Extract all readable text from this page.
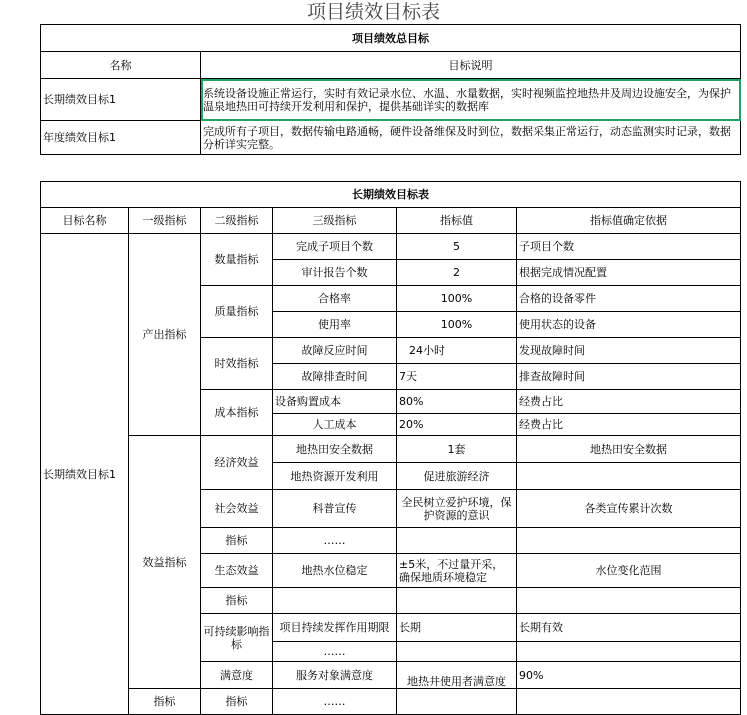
项目绩效目标表
项目绩效总目标	
名称	目标说明
长期绩效目标1	系统设备设施正常运行，实时有效记录水位、水温、水量数据，实时视频监控地热井及周边设施安全，为保护温泉地热田可持续开发利用和保护，提供基础详实的数据库
年度绩效目标1	完成所有子项目，数据传输电路通畅，硬件设备维保及时到位，数据采集正常运行，动态监测实时记录，数据分析详实完整。
长期绩效目标表						
目标名称	一级指标	二级指标	三级指标	指标值	指标值确定依据	
长期绩效目标1	产出指标	数量指标	完成子项目个数	5	子项目个数	
			审计报告个数	2	根据完成情况配置	
		质量指标	合格率	100%	合格的设备零件	
			使用率	100%	使用状态的设备	
		时效指标	故障反应时间	24小时	发现故障时间	
			故障排查时间	7天	排查故障时间	
		成本指标	设备购置成本	80%	经费占比	
			人工成本	20%	经费占比	
	效益指标	经济效益	地热田安全数据	1套	地热田安全数据	
			地热资源开发利用	促进旅游经济		
		社会效益	科普宣传	全民树立爱护环境，保护资源的意识	各类宣传累计次数	
		指标	……			
		生态效益	地热水位稳定	±5米，不过量开采，确保地质环境稳定	水位变化范围	
		指标				
		可持续影响指标	项目持续发挥作用期限	长期	长期有效	
			……			
		满意度	服务对象满意度	地热井使用者满意度	90%	
	指标	指标	……			
